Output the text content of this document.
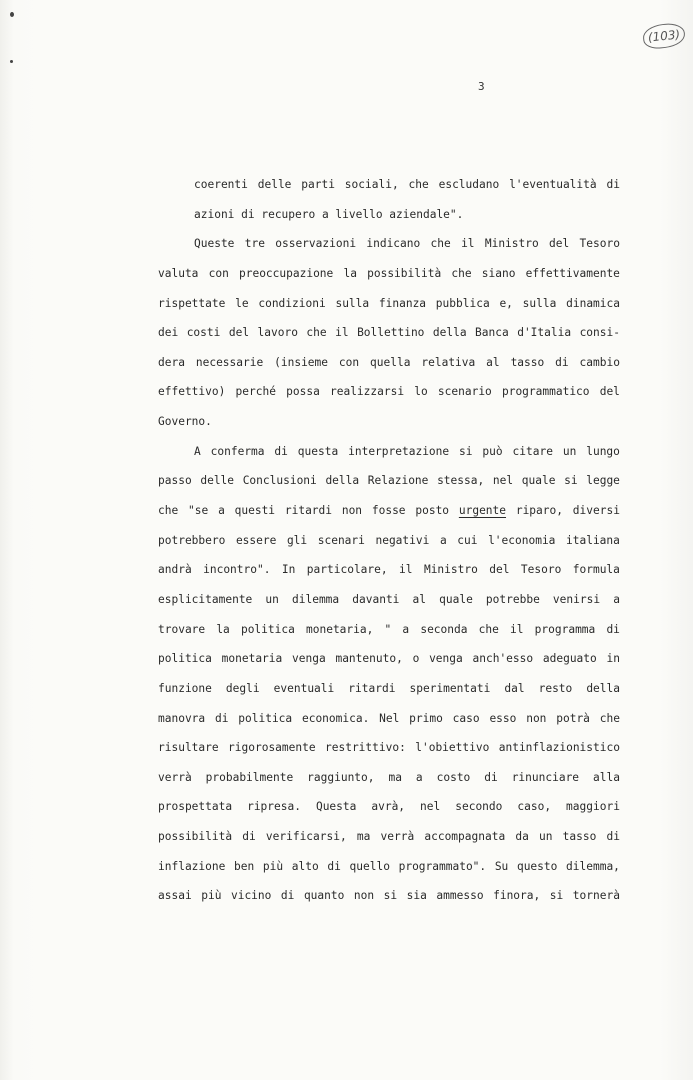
(103)
3
coerenti delle parti sociali, che escludano l'eventualità di
azioni di recupero a livello aziendale".
Queste tre osservazioni indicano che il Ministro del Tesoro
valuta con preoccupazione la possibilità che siano effettivamente
rispettate le condizioni sulla finanza pubblica e, sulla dinamica
dei costi del lavoro che il Bollettino della Banca d'Italia consi-
dera necessarie (insieme con quella relativa al tasso di cambio
effettivo) perché possa realizzarsi lo scenario programmatico del
Governo.
A conferma di questa interpretazione si può citare un lungo
passo delle Conclusioni della Relazione stessa, nel quale si legge
che "se a questi ritardi non fosse posto urgente riparo, diversi
potrebbero essere gli scenari negativi a cui l'economia italiana
andrà incontro". In particolare, il Ministro del Tesoro formula
esplicitamente un dilemma davanti al quale potrebbe venirsi a
trovare la politica monetaria, " a seconda che il programma di
politica monetaria venga mantenuto, o venga anch'esso adeguato in
funzione degli eventuali ritardi sperimentati dal resto della
manovra di politica economica. Nel primo caso esso non potrà che
risultare rigorosamente restrittivo: l'obiettivo antinflazionistico
verrà probabilmente raggiunto, ma a costo di rinunciare alla
prospettata ripresa. Questa avrà, nel secondo caso, maggiori
possibilità di verificarsi, ma verrà accompagnata da un tasso di
inflazione ben più alto di quello programmato". Su questo dilemma,
assai più vicino di quanto non si sia ammesso finora, si tornerà
